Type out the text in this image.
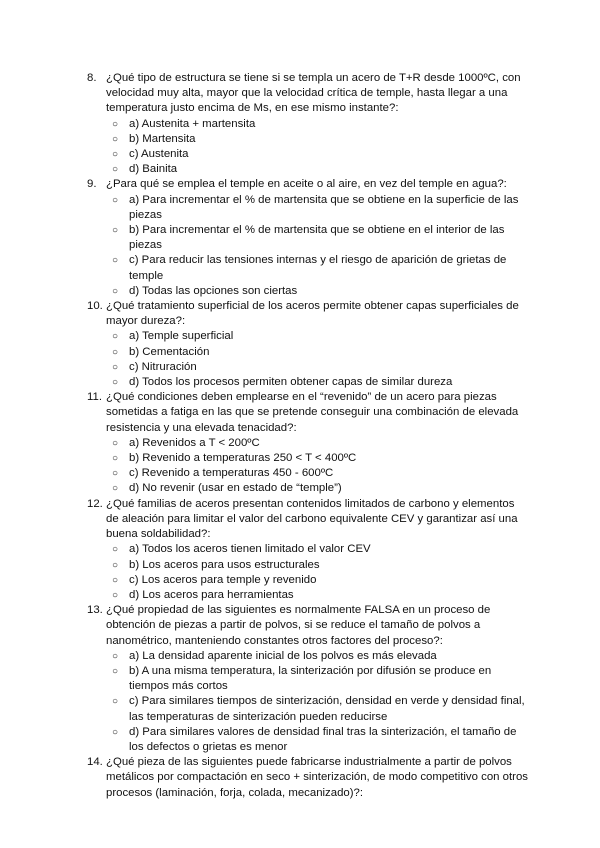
8. ¿Qué tipo de estructura se tiene si se templa un acero de T+R desde 1000ºC, con velocidad muy alta, mayor que la velocidad crítica de temple, hasta llegar a una temperatura justo encima de Ms, en ese mismo instante?:
○ a) Austenita + martensita
○ b) Martensita
○ c) Austenita
○ d) Bainita
9. ¿Para qué se emplea el temple en aceite o al aire, en vez del temple en agua?:
○ a) Para incrementar el % de martensita que se obtiene en la superficie de las piezas
○ b) Para incrementar el % de martensita que se obtiene en el interior de las piezas
○ c) Para reducir las tensiones internas y el riesgo de aparición de grietas de temple
○ d) Todas las opciones son ciertas
10. ¿Qué tratamiento superficial de los aceros permite obtener capas superficiales de mayor dureza?:
○ a) Temple superficial
○ b) Cementación
○ c) Nitruración
○ d) Todos los procesos permiten obtener capas de similar dureza
11. ¿Qué condiciones deben emplearse en el “revenido” de un acero para piezas sometidas a fatiga en las que se pretende conseguir una combinación de elevada resistencia y una elevada tenacidad?:
○ a) Revenidos a T < 200ºC
○ b) Revenido a temperaturas 250 < T < 400ºC
○ c) Revenido a temperaturas 450 - 600ºC
○ d) No revenir (usar en estado de “temple”)
12. ¿Qué familias de aceros presentan contenidos limitados de carbono y elementos de aleación para limitar el valor del carbono equivalente CEV y garantizar así una buena soldabilidad?:
○ a) Todos los aceros tienen limitado el valor CEV
○ b) Los aceros para usos estructurales
○ c) Los aceros para temple y revenido
○ d) Los aceros para herramientas
13. ¿Qué propiedad de las siguientes es normalmente FALSA en un proceso de obtención de piezas a partir de polvos, si se reduce el tamaño de polvos a nanométrico, manteniendo constantes otros factores del proceso?:
○ a) La densidad aparente inicial de los polvos es más elevada
○ b) A una misma temperatura, la sinterización por difusión se produce en tiempos más cortos
○ c) Para similares tiempos de sinterización, densidad en verde y densidad final, las temperaturas de sinterización pueden reducirse
○ d) Para similares valores de densidad final tras la sinterización, el tamaño de los defectos o grietas es menor
14. ¿Qué pieza de las siguientes puede fabricarse industrialmente a partir de polvos metálicos por compactación en seco + sinterización, de modo competitivo con otros procesos (laminación, forja, colada, mecanizado)?:
